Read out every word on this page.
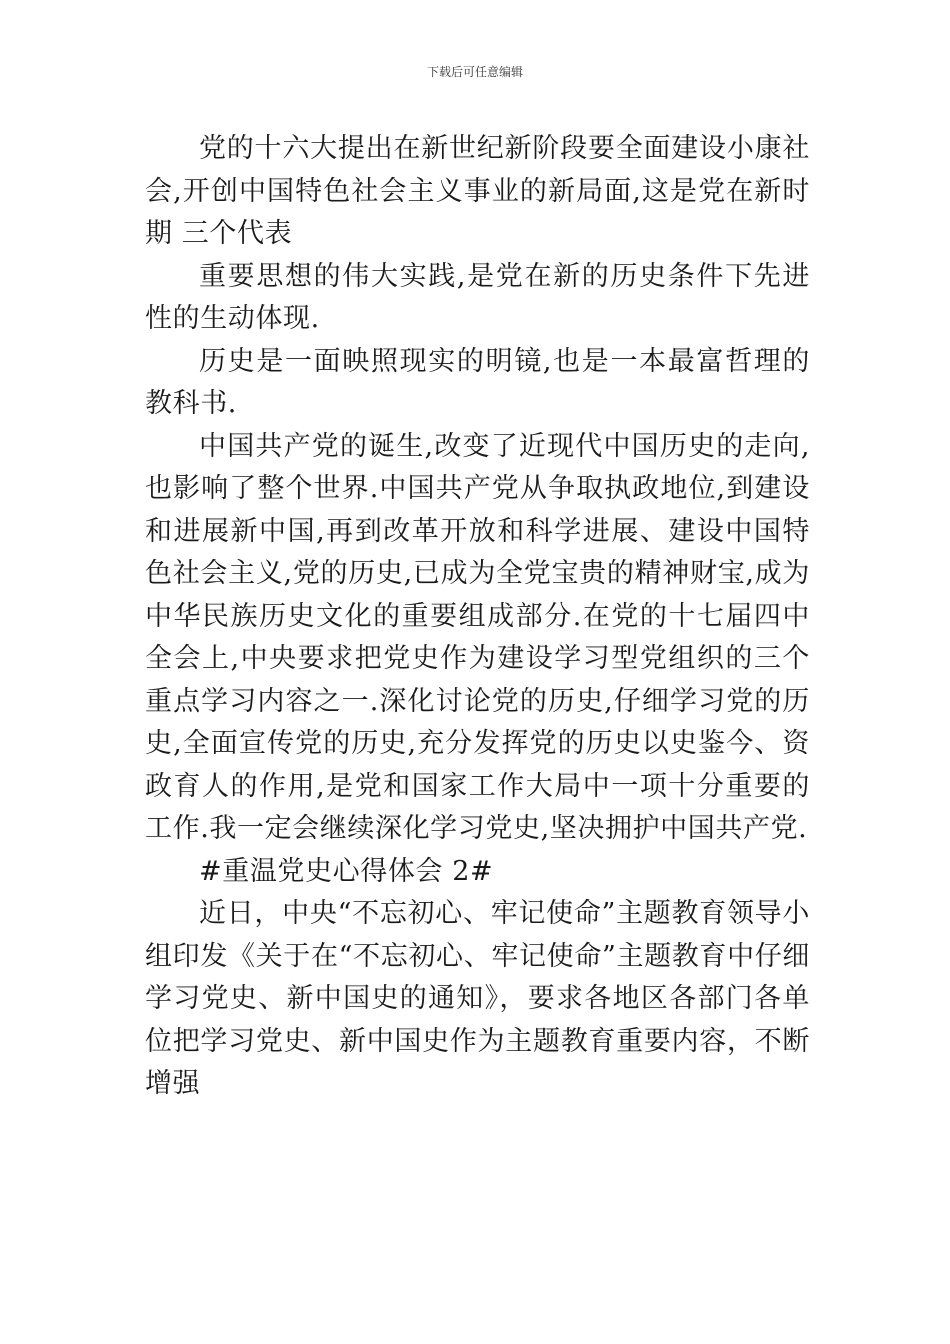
下载后可任意编辑

党的十六大提出在新世纪新阶段要全面建设小康社会,开创中国特色社会主义事业的新局面,这是党在新时期 三个代表

重要思想的伟大实践,是党在新的历史条件下先进性的生动体现.

历史是一面映照现实的明镜,也是一本最富哲理的教科书.

中国共产党的诞生,改变了近现代中国历史的走向,也影响了整个世界.中国共产党从争取执政地位,到建设和进展新中国,再到改革开放和科学进展、建设中国特色社会主义,党的历史,已成为全党宝贵的精神财宝,成为中华民族历史文化的重要组成部分.在党的十七届四中全会上,中央要求把党史作为建设学习型党组织的三个重点学习内容之一.深化讨论党的历史,仔细学习党的历史,全面宣传党的历史,充分发挥党的历史以史鉴今、资政育人的作用,是党和国家工作大局中一项十分重要的工作.我一定会继续深化学习党史,坚决拥护中国共产党.

#重温党史心得体会 2#

近日，中央“不忘初心、牢记使命”主题教育领导小组印发《关于在“不忘初心、牢记使命”主题教育中仔细学习党史、新中国史的通知》，要求各地区各部门各单位把学习党史、新中国史作为主题教育重要内容，不断增强
